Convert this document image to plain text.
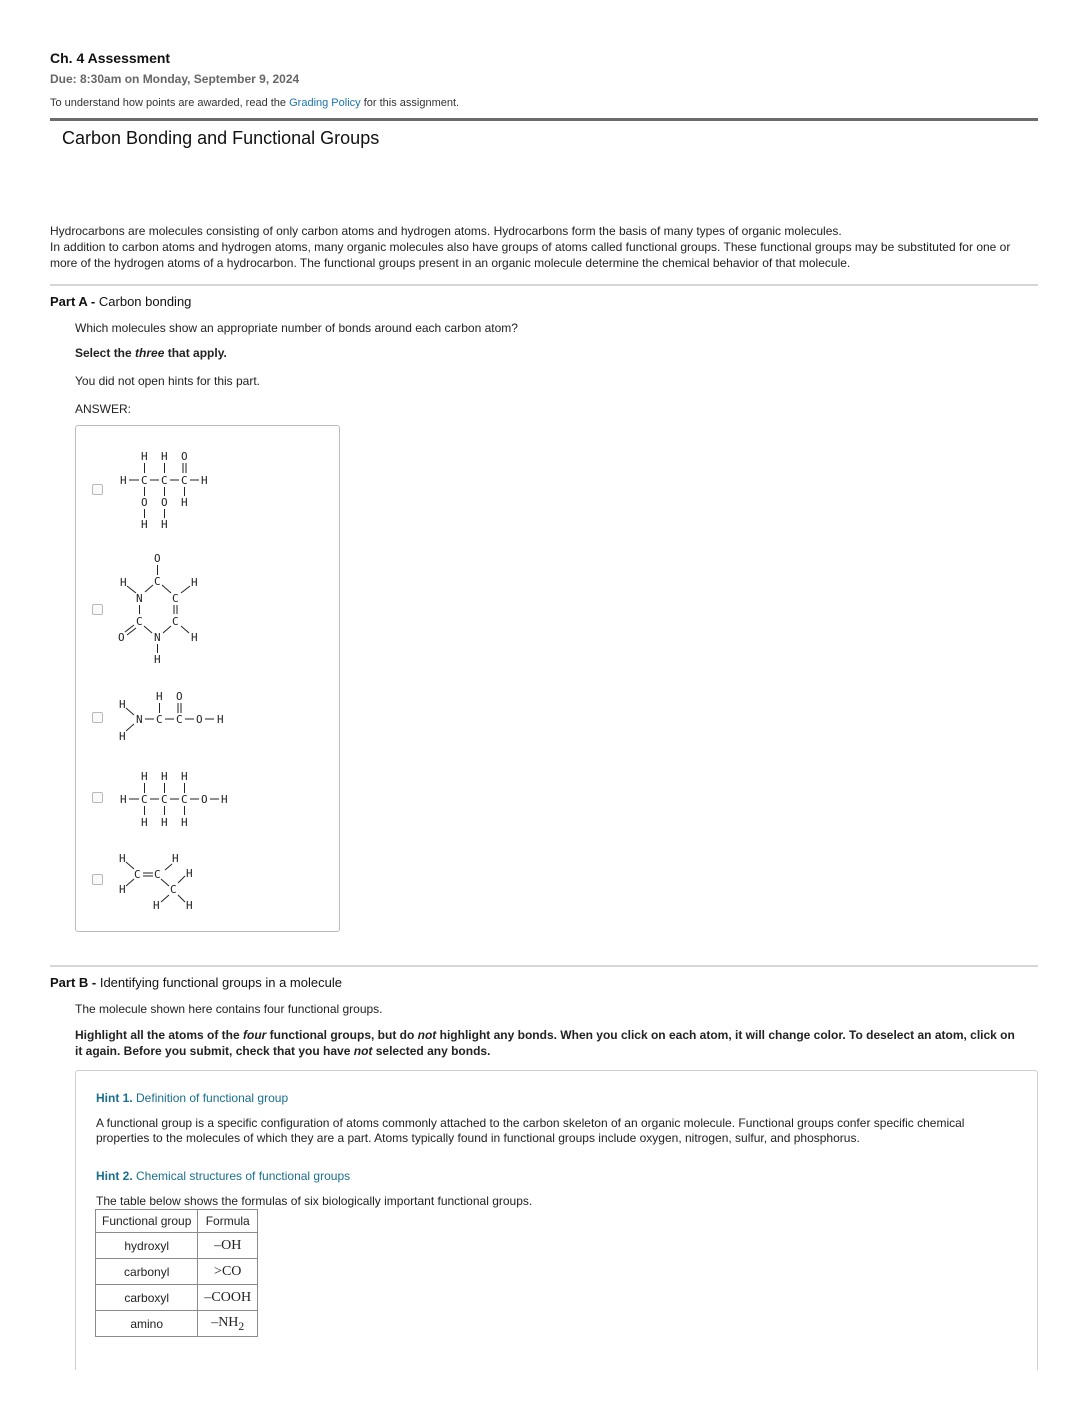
Ch. 4 Assessment
Due: 8:30am on Monday, September 9, 2024
To understand how points are awarded, read the Grading Policy for this assignment.
Carbon Bonding and Functional Groups

Hydrocarbons are molecules consisting of only carbon atoms and hydrogen atoms. Hydrocarbons form the basis of many types of organic molecules.

In addition to carbon atoms and hydrogen atoms, many organic molecules also have groups of atoms called functional groups. These functional groups may be substituted for one or more of the hydrogen atoms of a hydrocarbon. The functional groups present in an organic molecule determine the chemical behavior of that molecule.

Part A - Carbon bonding
Which molecules show an appropriate number of bonds around each carbon atom?
Select the three that apply.
You did not open hints for this part.
ANSWER:
H H O
H C C C H
O O H
H H
O
C
H	H
N	C
C	C
O	N	H
H
H O
H
N C C O H
H
H H H
H C C C O H
H H H
H	H
C C H
H	C
H H
Part B - Identifying functional groups in a molecule
The molecule shown here contains four functional groups.
Highlight all the atoms of the four functional groups, but do not highlight any bonds. When you click on each atom, it will change color. To deselect an atom, click on it again. Before you submit, check that you have not selected any bonds.
Hint 1. Definition of functional group
A functional group is a specific configuration of atoms commonly attached to the carbon skeleton of an organic molecule. Functional groups confer specific chemical properties to the molecules of which they are a part. Atoms typically found in functional groups include oxygen, nitrogen, sulfur, and phosphorus.
Hint 2. Chemical structures of functional groups
The table below shows the formulas of six biologically important functional groups.
Functional group	Formula
hydroxyl	–OH
carbonyl	>CO
carboxyl	–COOH
amino	$-NH_2$
